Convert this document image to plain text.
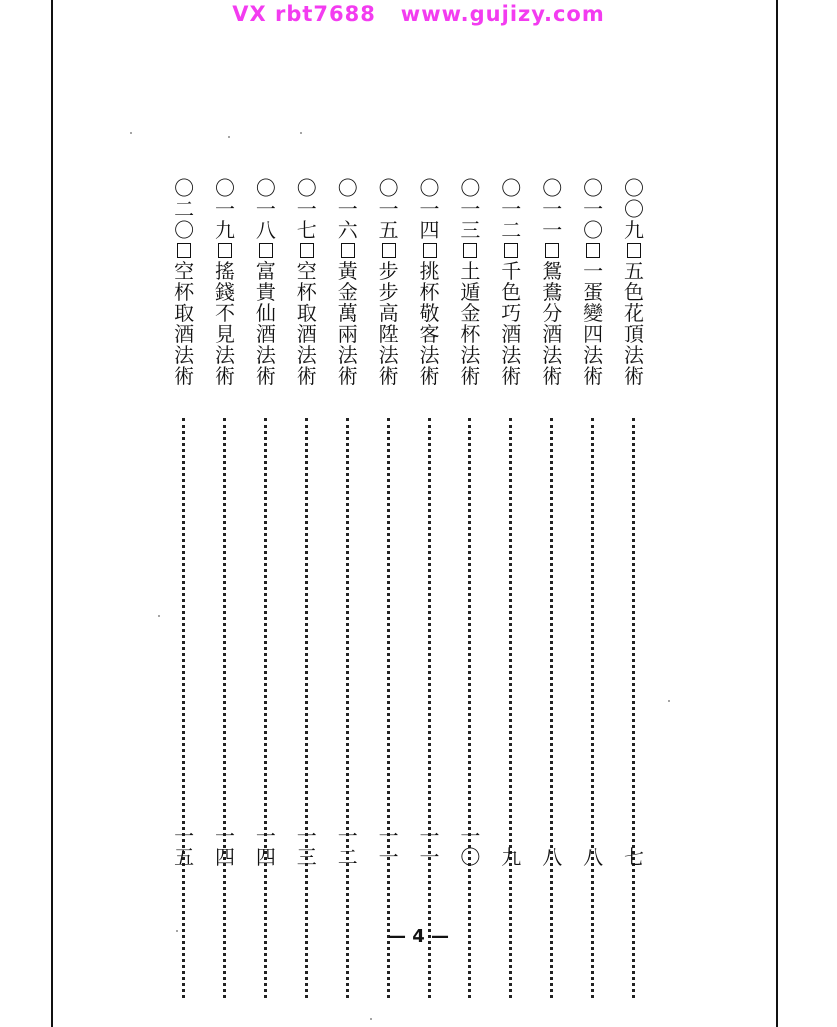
VX rbt7688   www.gujizy.com
〇〇九
五色花頂法術
七
〇一〇
一蛋變四法術
八
〇一一
鴛鴦分酒法術
八
〇一二
千色巧酒法術
九
〇一三
土遁金杯法術
一〇
〇一四
挑杯敬客法術
一一
〇一五
步步高陞法術
一一
〇一六
黃金萬兩法術
一二
〇一七
空杯取酒法術
一三
〇一八
富貴仙酒法術
一四
〇一九
搖錢不見法術
一四
〇二〇
空杯取酒法術
一五
— 4 —
